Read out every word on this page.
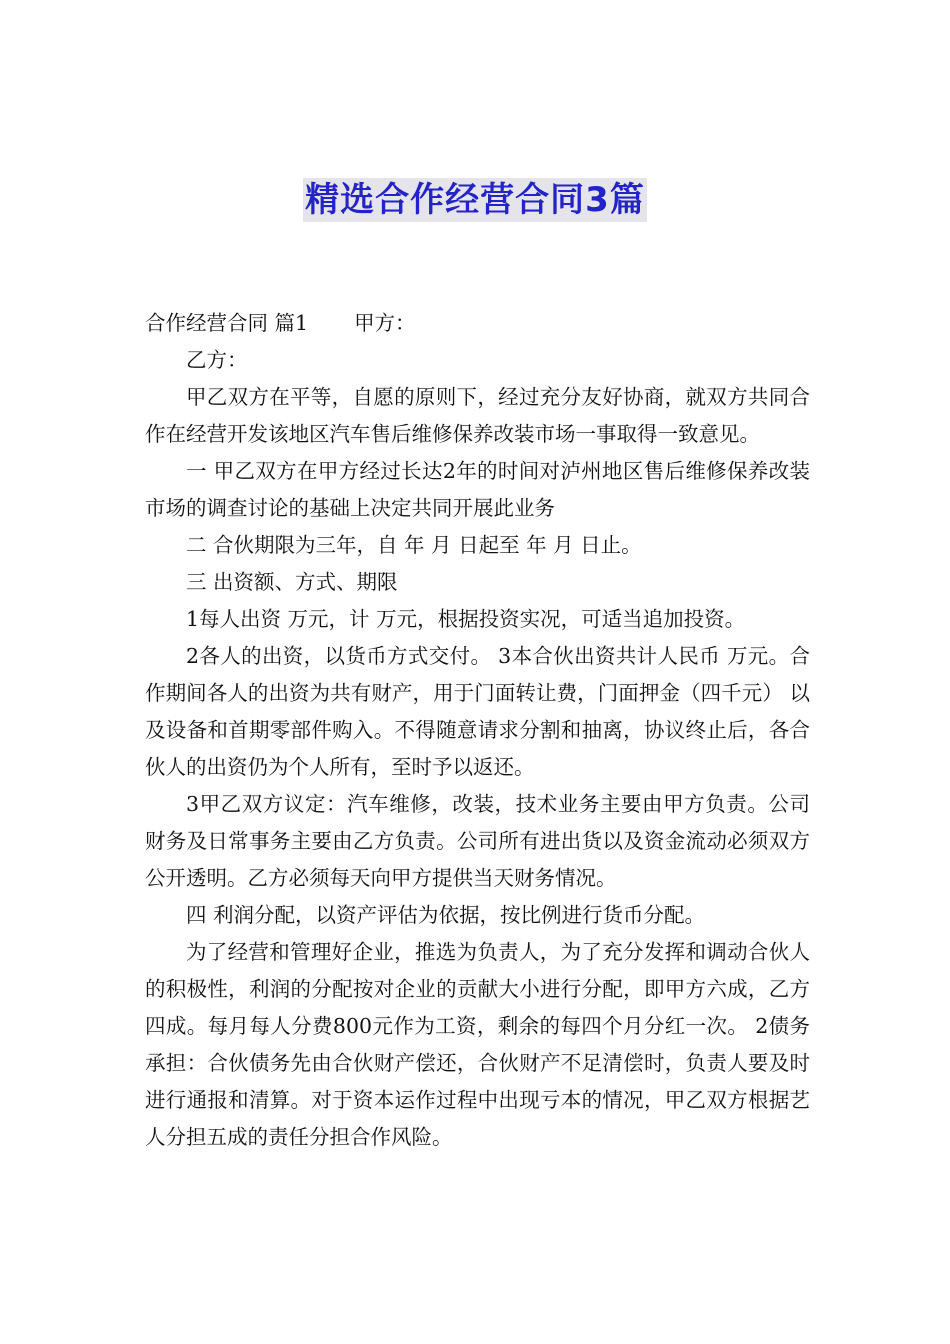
精选合作经营合同3篇

合作经营合同 篇1 甲方：

乙方：

甲乙双方在平等，自愿的原则下，经过充分友好协商，就双方共同合作在经营开发该地区汽车售后维修保养改装市场一事取得一致意见。

一 甲乙双方在甲方经过长达2年的时间对泸州地区售后维修保养改装市场的调查讨论的基础上决定共同开展此业务

二 合伙期限为三年，自 年 月 日起至 年 月 日止。

三 出资额、方式、期限

1每人出资 万元，计 万元，根据投资实况，可适当追加投资。

2各人的出资，以货币方式交付。 3本合伙出资共计人民币 万元。合作期间各人的出资为共有财产，用于门面转让费，门面押金（四千元） 以及设备和首期零部件购入。不得随意请求分割和抽离，协议终止后，各合伙人的出资仍为个人所有，至时予以返还。

3甲乙双方议定：汽车维修，改装，技术业务主要由甲方负责。公司财务及日常事务主要由乙方负责。公司所有进出货以及资金流动必须双方公开透明。乙方必须每天向甲方提供当天财务情况。

四 利润分配，以资产评估为依据，按比例进行货币分配。

为了经营和管理好企业，推选为负责人，为了充分发挥和调动合伙人的积极性，利润的分配按对企业的贡献大小进行分配，即甲方六成，乙方四成。每月每人分费800元作为工资，剩余的每四个月分红一次。 2债务承担：合伙债务先由合伙财产偿还，合伙财产不足清偿时，负责人要及时进行通报和清算。对于资本运作过程中出现亏本的情况，甲乙双方根据艺人分担五成的责任分担合作风险。
